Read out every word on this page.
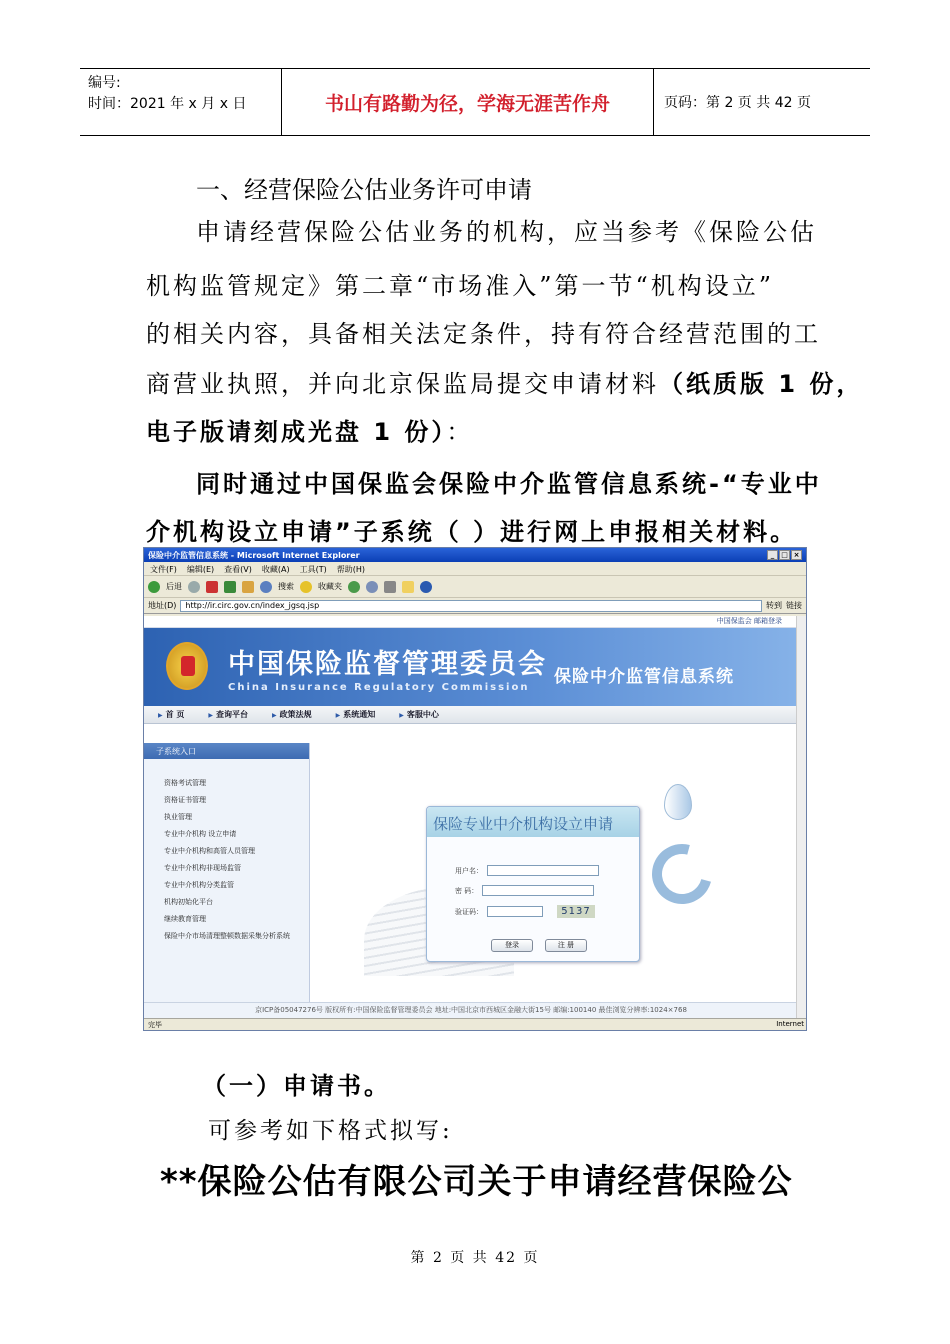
编号:
时间：2021 年 x 月 x 日	书山有路勤为径，学海无涯苦作舟	页码：第 2 页 共 42 页
一、经营保险公估业务许可申请
申请经营保险公估业务的机构，应当参考《保险公估
机构监管规定》第二章“市场准入”第一节“机构设立”
的相关内容，具备相关法定条件，持有符合经营范围的工
商营业执照，并向北京保监局提交申请材料（纸质版 1 份，
电子版请刻成光盘 1 份）：
同时通过中国保监会保险中介监管信息系统-“专业中
介机构设立申请”子系统（ ）进行网上申报相关材料。
保险中介监管信息系统 - Microsoft Internet Explorer	_ □ ×
文件(F) 编辑(E) 查看(V) 收藏(A) 工具(T) 帮助(H)
后退	搜索	收藏夹
地址(D)	http://ir.circ.gov.cn/index_jgsq.jsp	转到 链接
中国保监会 邮箱登录
中国保险监督管理委员会
China Insurance Regulatory Commission
保险中介监管信息系统
▶ 首 页	▶ 查询平台	▶ 政策法规	▶ 系统通知	▶ 客服中心
子系统入口
资格考试管理
资格证书管理
执业管理
专业中介机构 设立申请
专业中介机构和高管人员管理
专业中介机构非现场监管
专业中介机构分类监管
机构初始化平台
继续教育管理
保险中介市场清理整顿数据采集分析系统
保险专业中介机构设立申请
用户名：
密 码：
验证码：	5137
登录	注 册
京ICP备05047276号 版权所有:中国保险监督管理委员会 地址:中国北京市西城区金融大街15号 邮编:100140 最佳浏览分辨率:1024×768
完毕	Internet
（一）申请书。
可参考如下格式拟写:
**保险公估有限公司关于申请经营保险公
第 2 页 共 42 页
